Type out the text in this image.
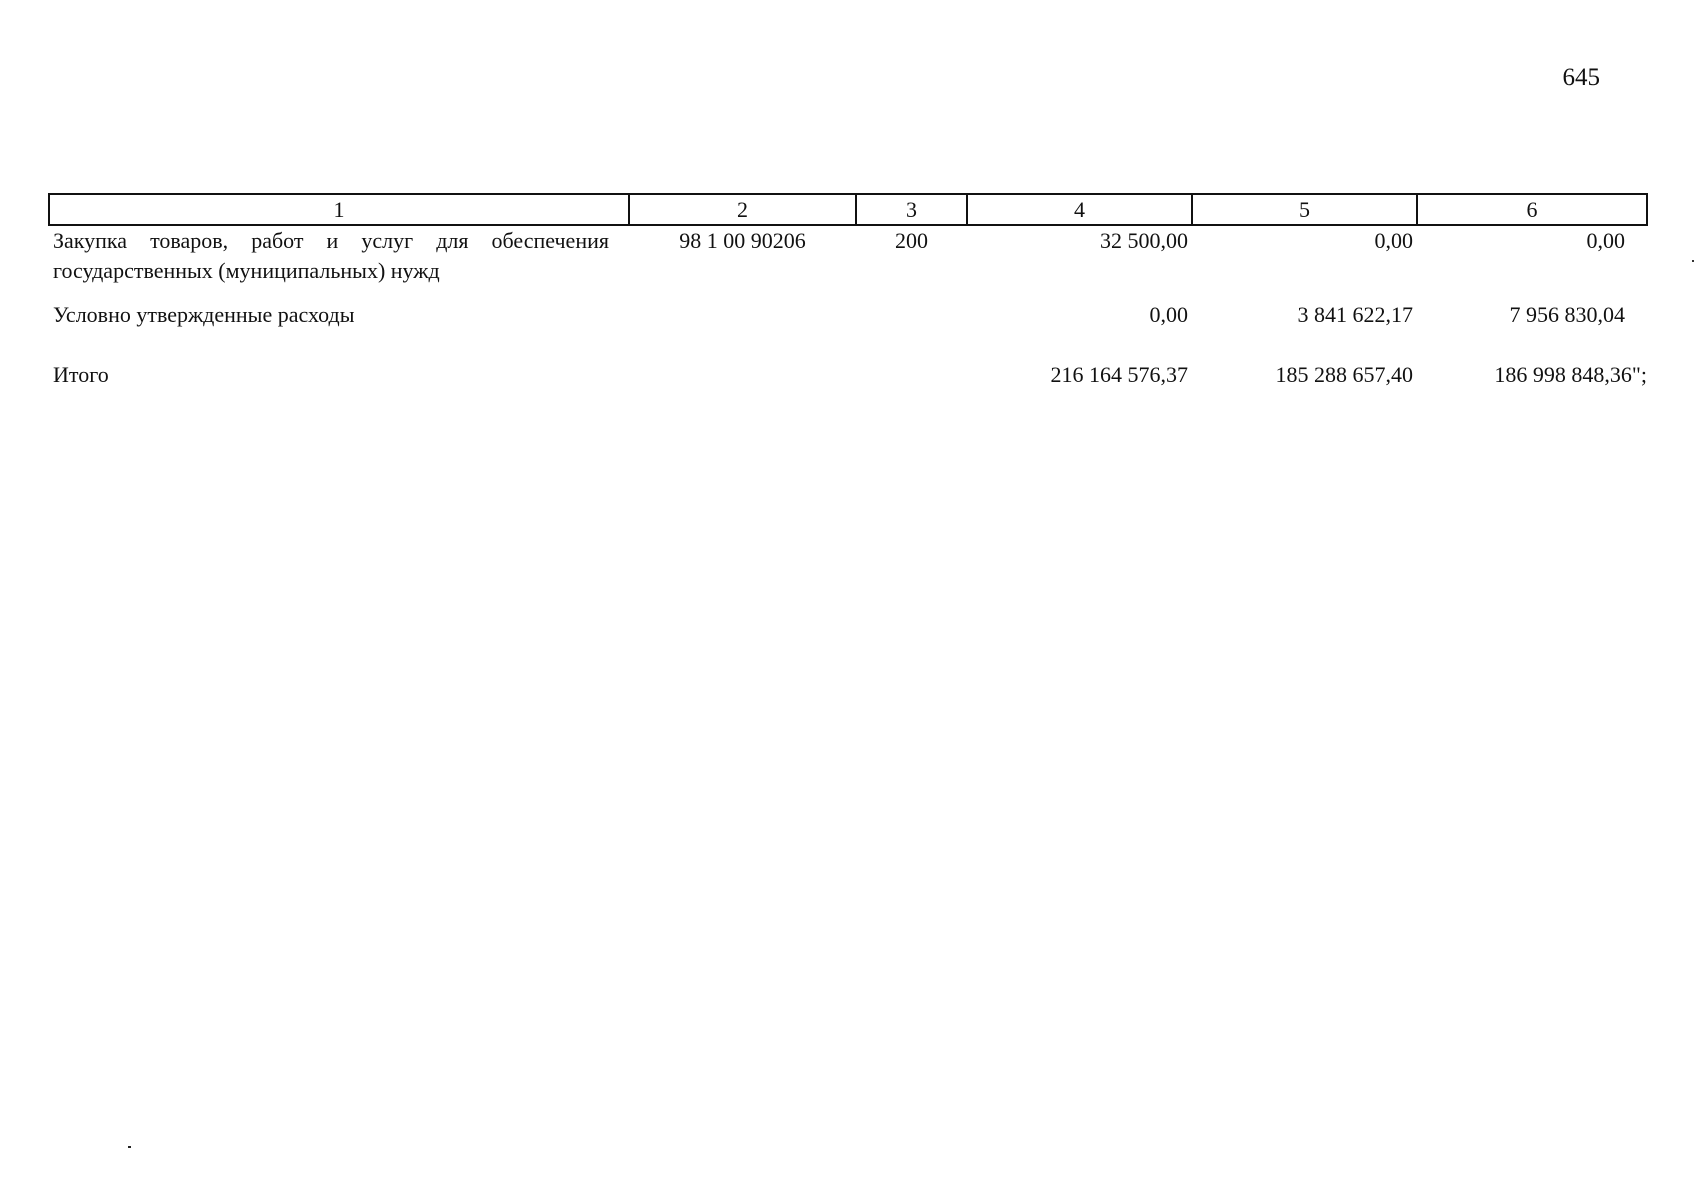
645
1	2	3	4	5	6
Закупка товаров, работ и услуг для обеспечения государственных (муниципальных) нужд	98 1 00 90206	200	32 500,00	0,00	0,00
Условно утвержденные расходы			0,00	3 841 622,17	7 956 830,04
Итого			216 164 576,37	185 288 657,40	186 998 848,36";
